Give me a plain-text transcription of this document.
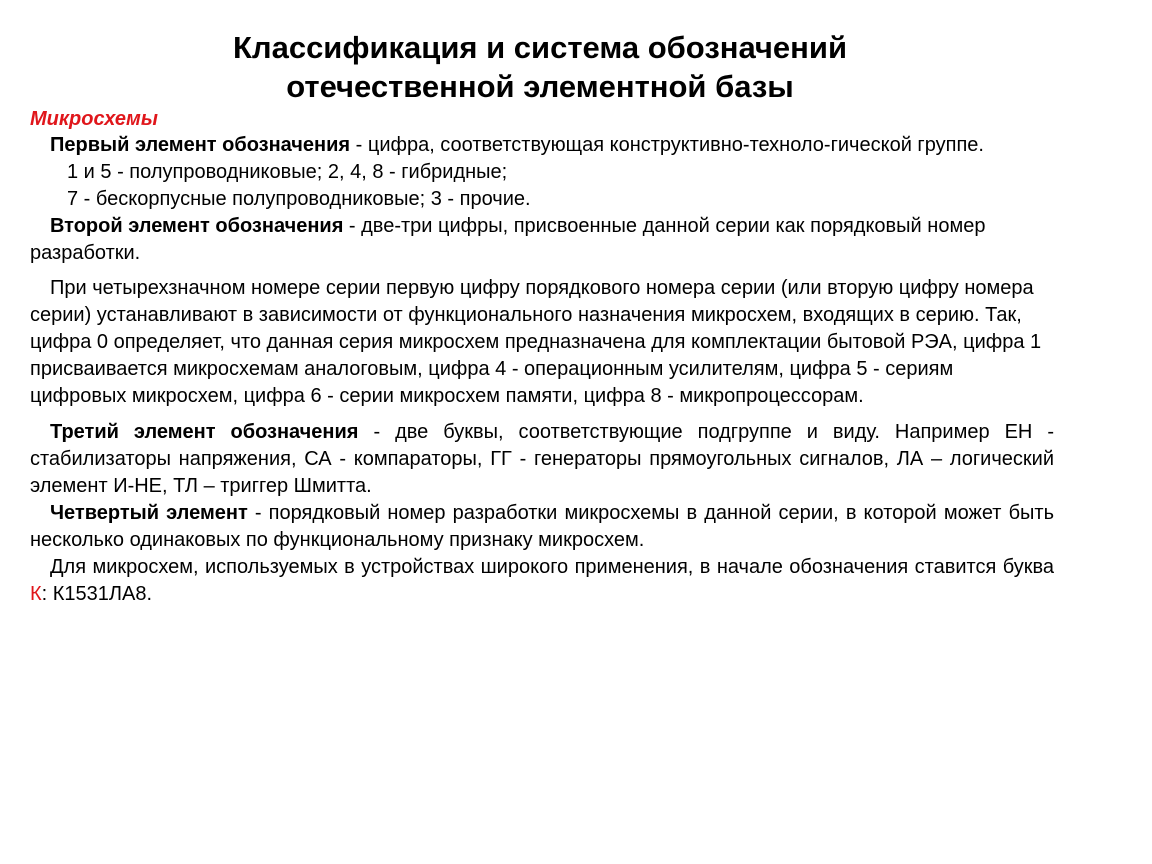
Классификация и система обозначений
отечественной элементной базы
Микросхемы

Первый элемент обозначения - цифра, соответствующая конструктивно-техноло-гической группе.

1 и 5 - полупроводниковые; 2, 4, 8 - гибридные;
7 - бескорпусные полупроводниковые; 3 - прочие.

Второй элемент обозначения - две-три цифры, присвоенные данной серии как порядковый номер разработки.

При четырехзначном номере серии первую цифру порядкового номера серии (или вторую цифру номера серии) устанавливают в зависимости от функционального назначения микросхем, входящих в серию. Так, цифра 0 определяет, что данная серия микросхем предназначена для комплектации бытовой РЭА, цифра 1 присваивается микросхемам аналоговым, цифра 4 - операционным усилителям, цифра 5 - сериям цифровых микросхем, цифра 6 - серии микросхем памяти, цифра 8 - микропроцессорам.

Третий элемент обозначения - две буквы, соответствующие подгруппе и виду. Например ЕН - стабилизаторы напряжения, СА - компараторы, ГГ - генераторы прямоугольных сигналов, ЛА – логический элемент И-НЕ, ТЛ – триггер Шмитта.

Четвертый элемент - порядковый номер разработки микросхемы в данной серии, в которой может быть несколько одинаковых по функциональному признаку микросхем.

Для микросхем, используемых в устройствах широкого применения, в начале обозначения ставится буква К: К1531ЛА8.
